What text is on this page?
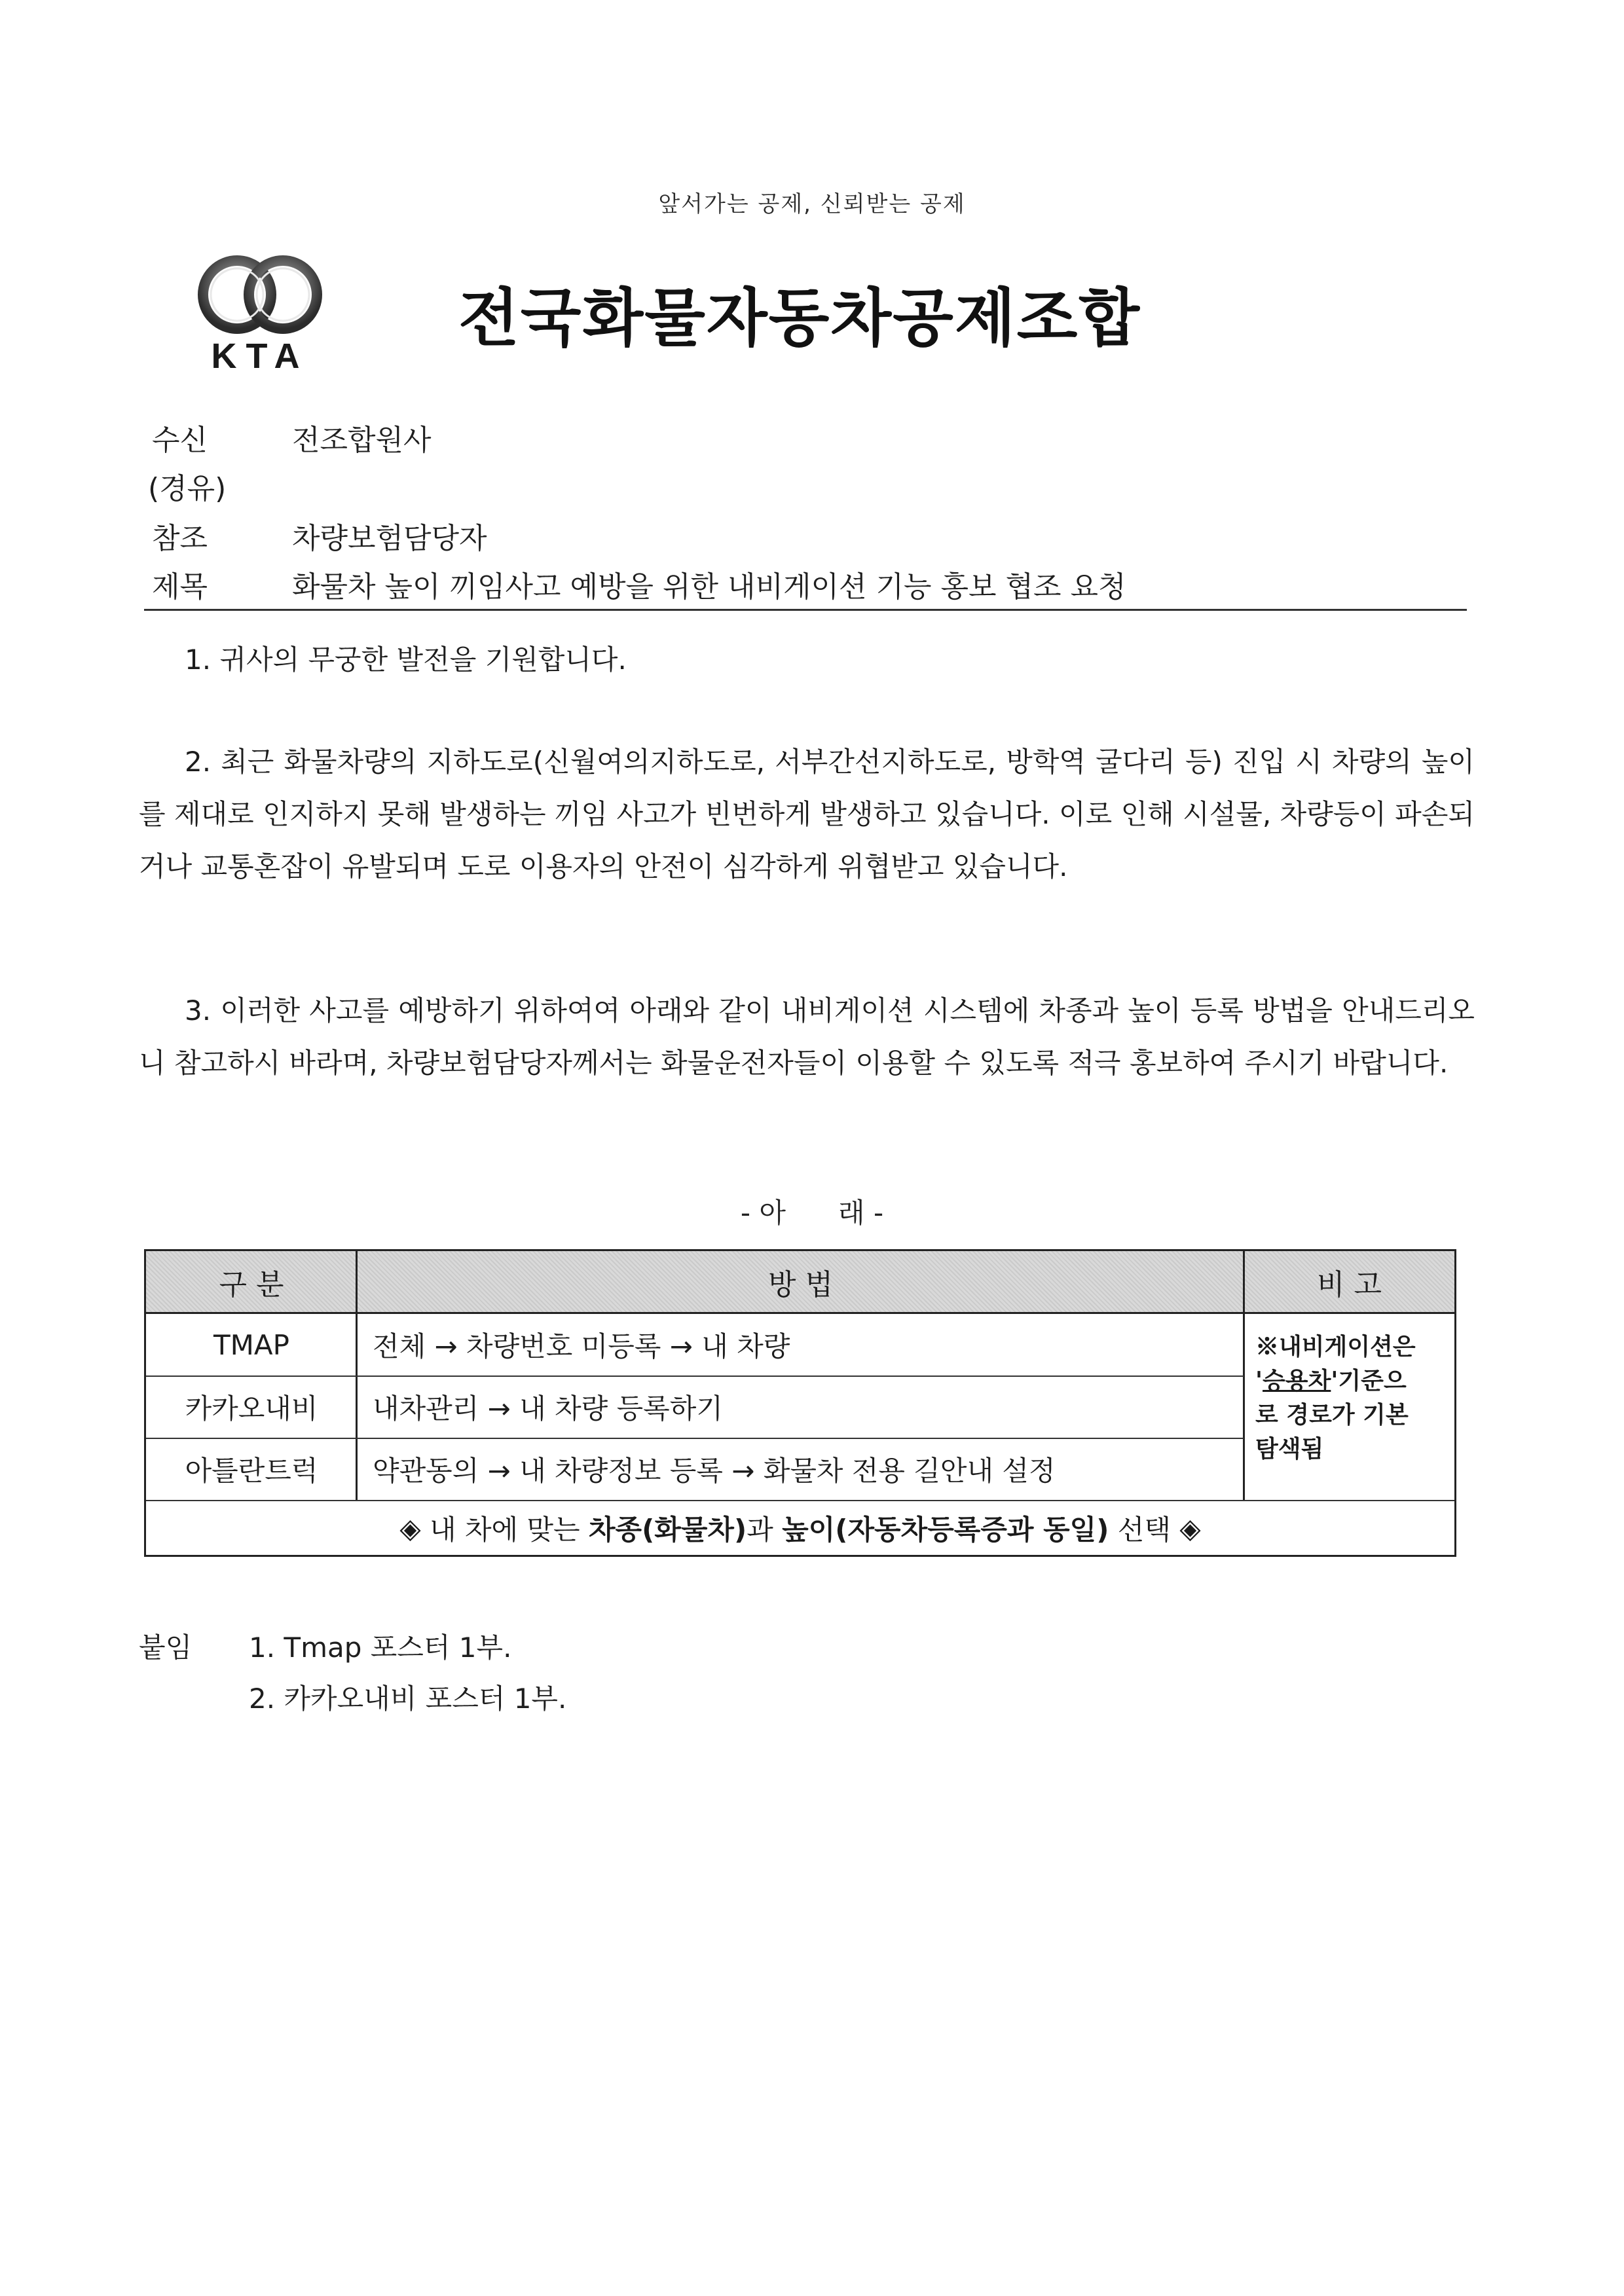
앞서가는 공제, 신뢰받는 공제
KTA
전국화물자동차공제조합
수신	전조합원사
(경유)
참조	차량보험담당자
제목	화물차 높이 끼임사고 예방을 위한 내비게이션 기능 홍보 협조 요청
1. 귀사의 무궁한 발전을 기원합니다.
2. 최근 화물차량의 지하도로(신월여의지하도로, 서부간선지하도로, 방학역 굴다리 등) 진입 시 차량의 높이를 제대로 인지하지 못해 발생하는 끼임 사고가 빈번하게 발생하고 있습니다. 이로 인해 시설물, 차량등이 파손되거나 교통혼잡이 유발되며 도로 이용자의 안전이 심각하게 위협받고 있습니다.
3. 이러한 사고를 예방하기 위하여여 아래와 같이 내비게이션 시스템에 차종과 높이 등록 방법을 안내드리오니 참고하시 바라며, 차량보험담당자께서는 화물운전자들이 이용할 수 있도록 적극 홍보하여 주시기 바랍니다.
- 아      래 -
구 분	방 법	비 고
TMAP	전체 → 차량번호 미등록 → 내 차량
카카오내비	내차관리 → 내 차량 등록하기
아틀란트럭	약관동의 → 내 차량정보 등록 → 화물차 전용 길안내 설정
※내비게이션은
'승용차'기준으
로 경로가 기본
탐색됨
◈ 내 차에 맞는 차종(화물차) 과 높이(자동차등록증과 동일) 선택 ◈
붙임 1. Tmap 포스터 1부.
2. 카카오내비 포스터 1부.
